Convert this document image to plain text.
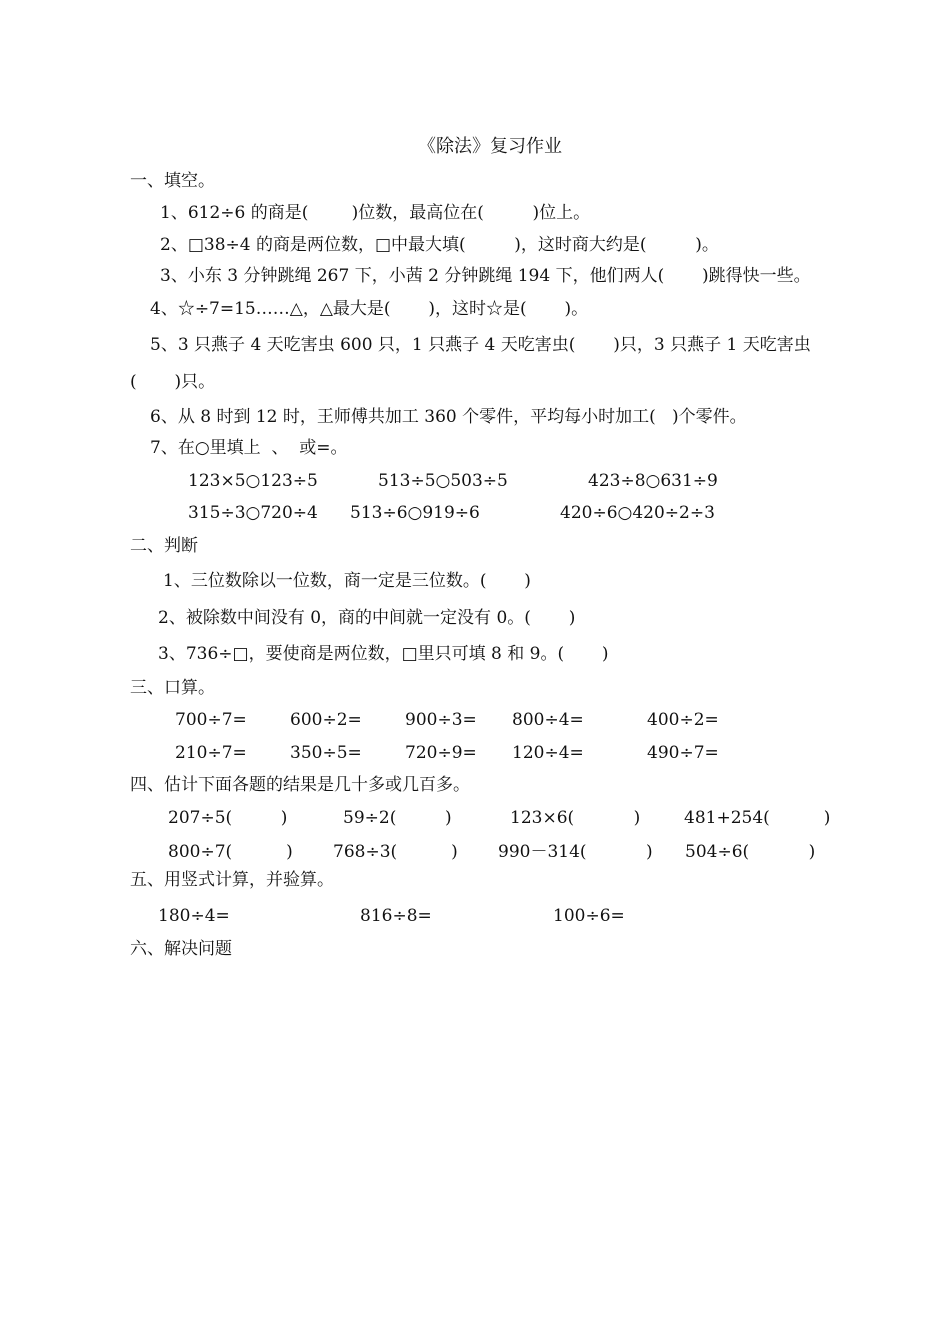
《除法》复习作业
一、填空。
1、612÷6 的商是(        )位数，最高位在(         )位上。
2、□38÷4 的商是两位数，□中最大填(         )，这时商大约是(         )。
3、小东 3 分钟跳绳 267 下，小茜 2 分钟跳绳 194 下，他们两人(       )跳得快一些。
4、☆÷7=15……△，△最大是(       )，这时☆是(       )。
5、3 只燕子 4 天吃害虫 600 只，1 只燕子 4 天吃害虫(       )只，3 只燕子 1 天吃害虫
(       )只。
6、从 8 时到 12 时，王师傅共加工 360 个零件，平均每小时加工(   )个零件。
7、在○里填上  、  或=。
123×5○123÷5	513÷5○503÷5	423÷8○631÷9
315÷3○720÷4 513÷6○919÷6	420÷6○420÷2÷3
二、判断
1、三位数除以一位数，商一定是三位数。(       )
2、被除数中间没有 0，商的中间就一定没有 0。(       )
3、736÷□，要使商是两位数，□里只可填 8 和 9。(       )
三、口算。
700÷7=	600÷2=	900÷3= 800÷4=	400÷2=
210÷7=	350÷5=	720÷9= 120÷4=	490÷7=
四、估计下面各题的结果是几十多或几百多。
207÷5(         )	59÷2(         )	123×6(           )	481+254(          )
800÷7(          ) 768÷3(          ) 990－314(           ) 504÷6(           )
五、用竖式计算，并验算。
180÷4=	816÷8=	100÷6=
六、解决问题
